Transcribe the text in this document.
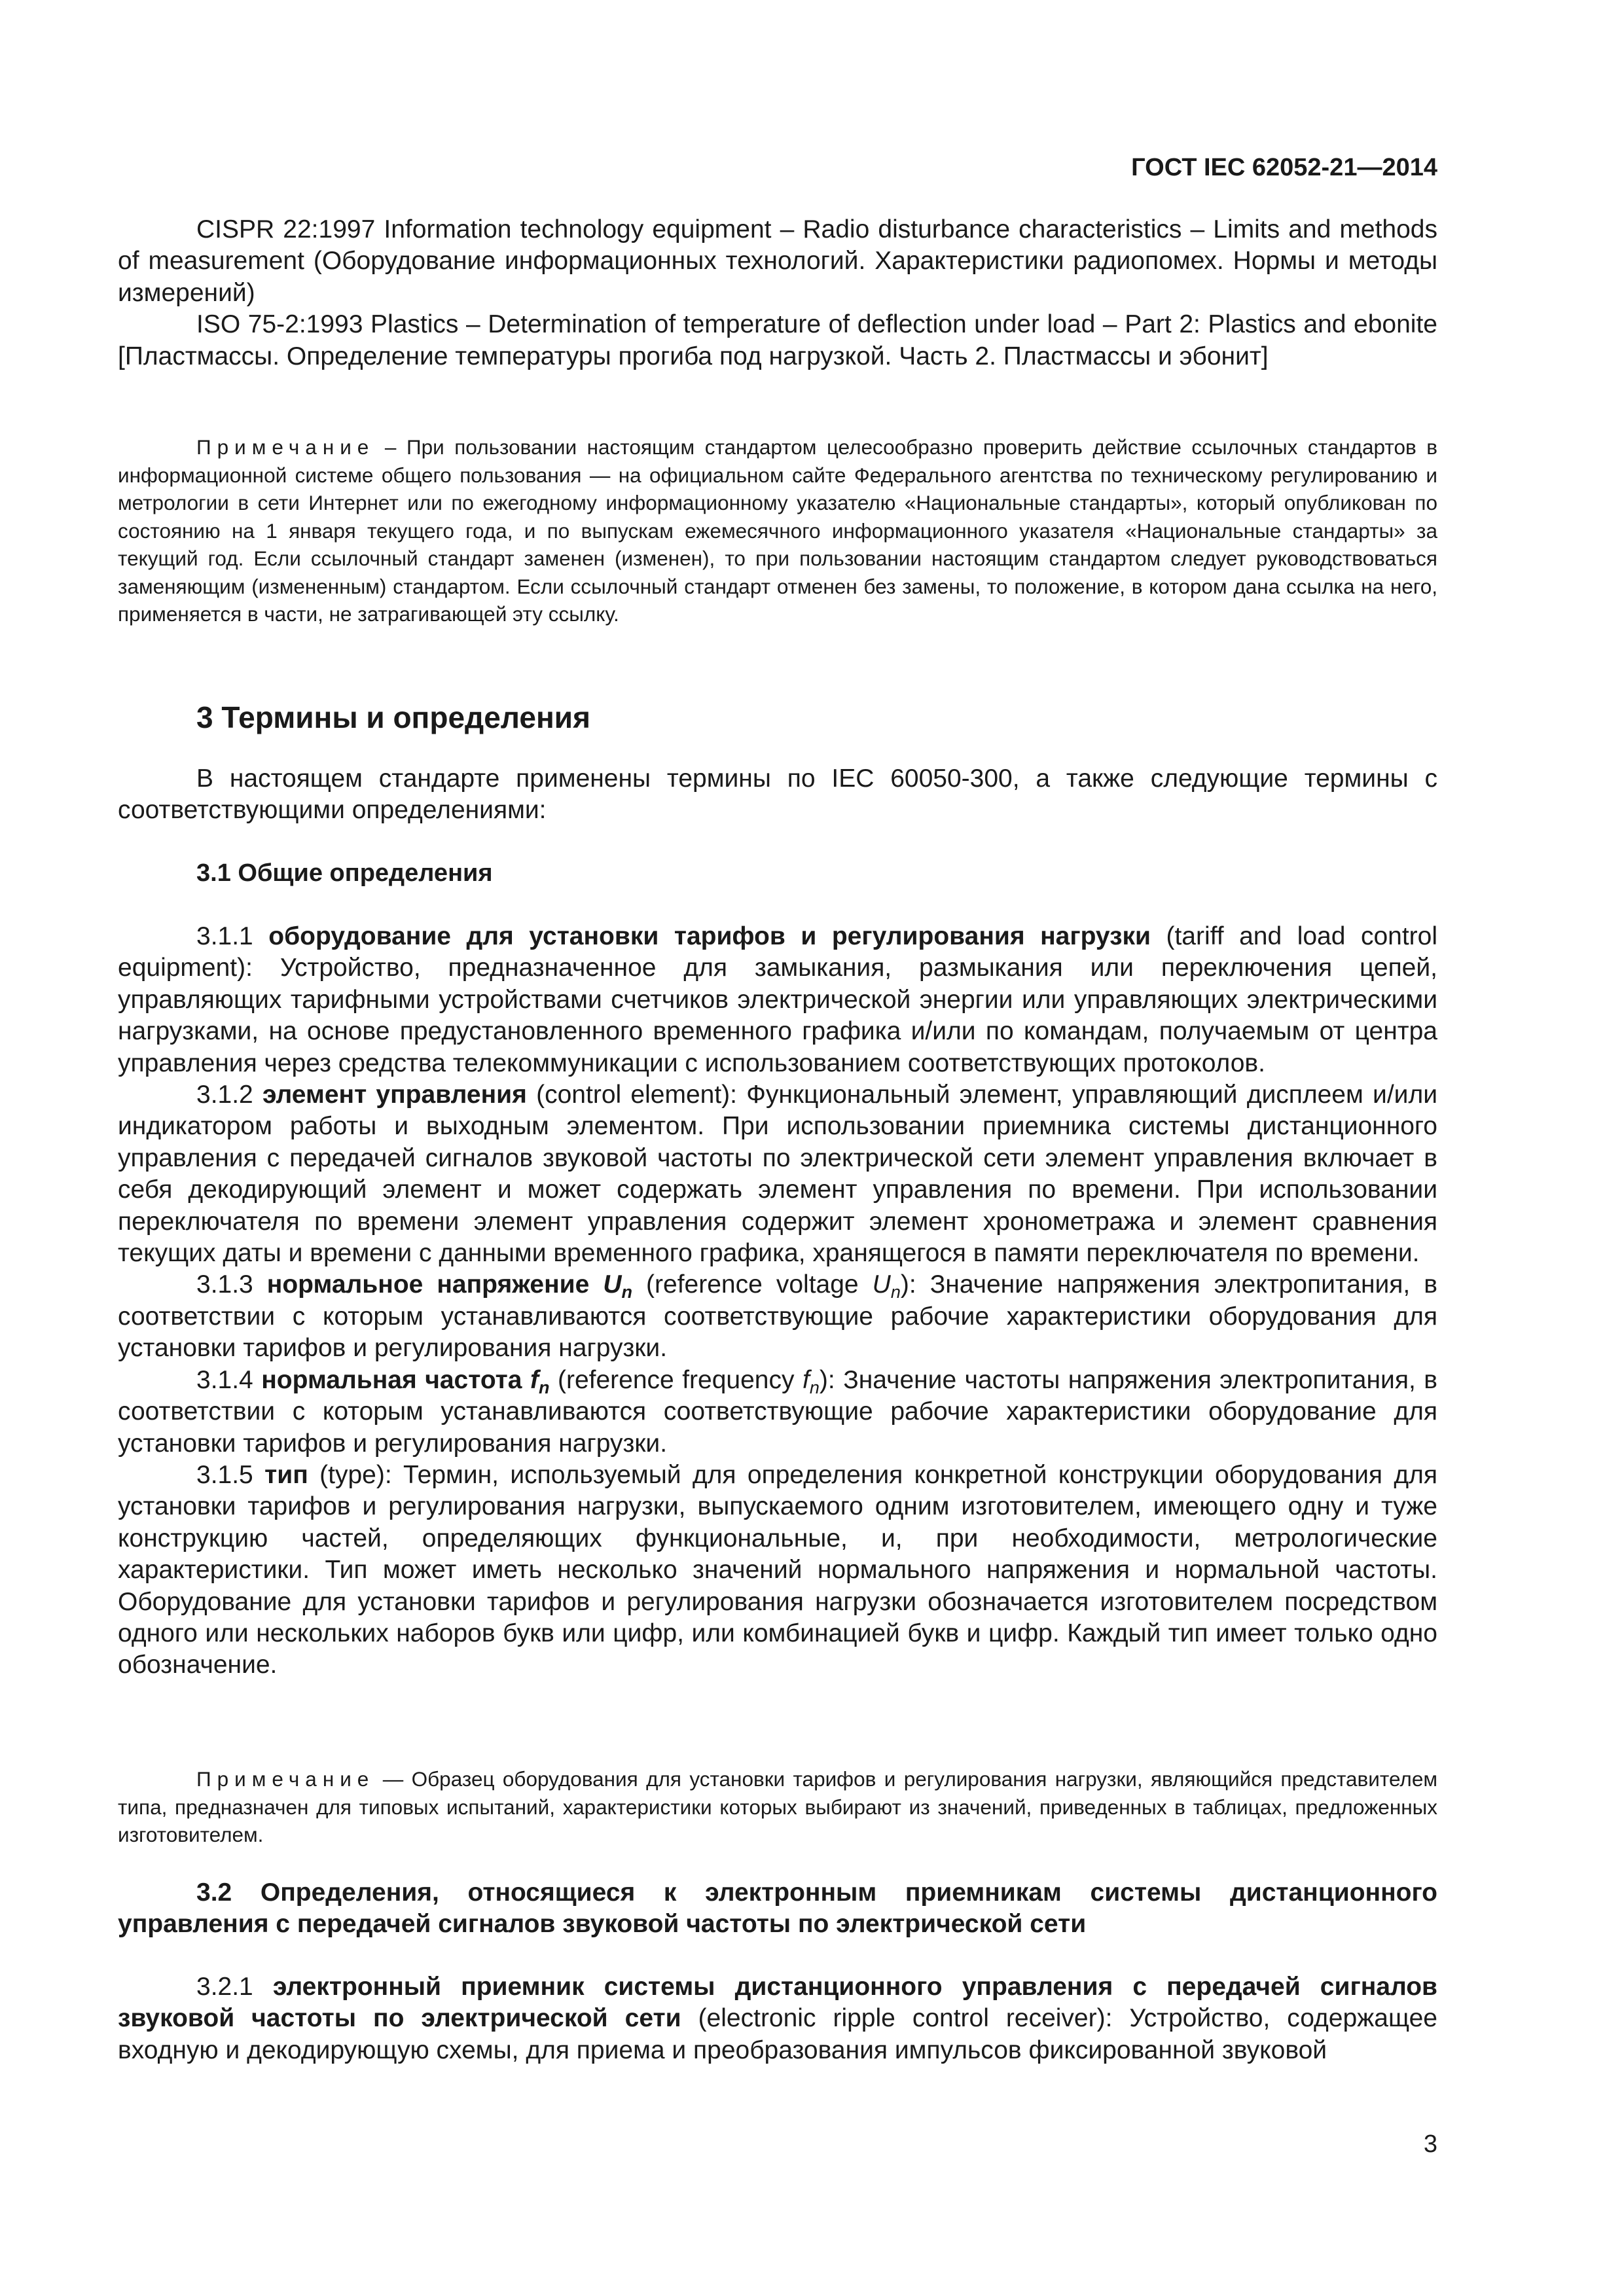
ГОСТ IEC 62052-21—2014

CISPR 22:1997 Information technology equipment – Radio disturbance characteristics – Limits and methods of measurement (Оборудование информационных технологий. Характеристики радиопомех. Нормы и методы измерений)

ISO 75-2:1993 Plastics – Determination of temperature of deflection under load – Part 2: Plastics and ebonite [Пластмассы. Определение температуры прогиба под нагрузкой. Часть 2. Пластмассы и эбонит]

Примечание – При пользовании настоящим стандартом целесообразно проверить действие ссылочных стандартов в информационной системе общего пользования — на официальном сайте Федерального агентства по техническому регулированию и метрологии в сети Интернет или по ежегодному информационному указателю «Национальные стандарты», который опубликован по состоянию на 1 января текущего года, и по выпускам ежемесячного информационного указателя «Национальные стандарты» за текущий год. Если ссылочный стандарт заменен (изменен), то при пользовании настоящим стандартом следует руководствоваться заменяющим (измененным) стандартом. Если ссылочный стандарт отменен без замены, то положение, в котором дана ссылка на него, применяется в части, не затрагивающей эту ссылку.

3 Термины и определения

В настоящем стандарте применены термины по IEC 60050-300, а также следующие термины с соответствующими определениями:

3.1 Общие определения

3.1.1 оборудование для установки тарифов и регулирования нагрузки (tariff and load control equipment): Устройство, предназначенное для замыкания, размыкания или переключения цепей, управляющих тарифными устройствами счетчиков электрической энергии или управляющих электрическими нагрузками, на основе предустановленного временного графика и/или по командам, получаемым от центра управления через средства телекоммуникации с использованием соответствующих протоколов.

3.1.2 элемент управления (control element): Функциональный элемент, управляющий дисплеем и/или индикатором работы и выходным элементом. При использовании приемника системы дистанционного управления с передачей сигналов звуковой частоты по электрической сети элемент управления включает в себя декодирующий элемент и может содержать элемент управления по времени. При использовании переключателя по времени элемент управления содержит элемент хронометража и элемент сравнения текущих даты и времени с данными временного графика, хранящегося в памяти переключателя по времени.

3.1.3 нормальное напряжение $U_n$ (reference voltage $U_n$): Значение напряжения электропитания, в соответствии с которым устанавливаются соответствующие рабочие характеристики оборудования для установки тарифов и регулирования нагрузки.

3.1.4 нормальная частота $f_n$ (reference frequency $f_n$): Значение частоты напряжения электропитания, в соответствии с которым устанавливаются соответствующие рабочие характеристики оборудование для установки тарифов и регулирования нагрузки.

3.1.5 тип (type): Термин, используемый для определения конкретной конструкции оборудования для установки тарифов и регулирования нагрузки, выпускаемого одним изготовителем, имеющего одну и туже конструкцию частей, определяющих функциональные, и, при необходимости, метрологические характеристики. Тип может иметь несколько значений нормального напряжения и нормальной частоты. Оборудование для установки тарифов и регулирования нагрузки обозначается изготовителем посредством одного или нескольких наборов букв или цифр, или комбинацией букв и цифр. Каждый тип имеет только одно обозначение.

Примечание — Образец оборудования для установки тарифов и регулирования нагрузки, являющийся представителем типа, предназначен для типовых испытаний, характеристики которых выбирают из значений, приведенных в таблицах, предложенных изготовителем.

3.2 Определения, относящиеся к электронным приемникам системы дистанционного управления с передачей сигналов звуковой частоты по электрической сети

3.2.1 электронный приемник системы дистанционного управления с передачей сигналов звуковой частоты по электрической сети (electronic ripple control receiver): Устройство, содержащее входную и декодирующую схемы, для приема и преобразования импульсов фиксированной звуковой

3
